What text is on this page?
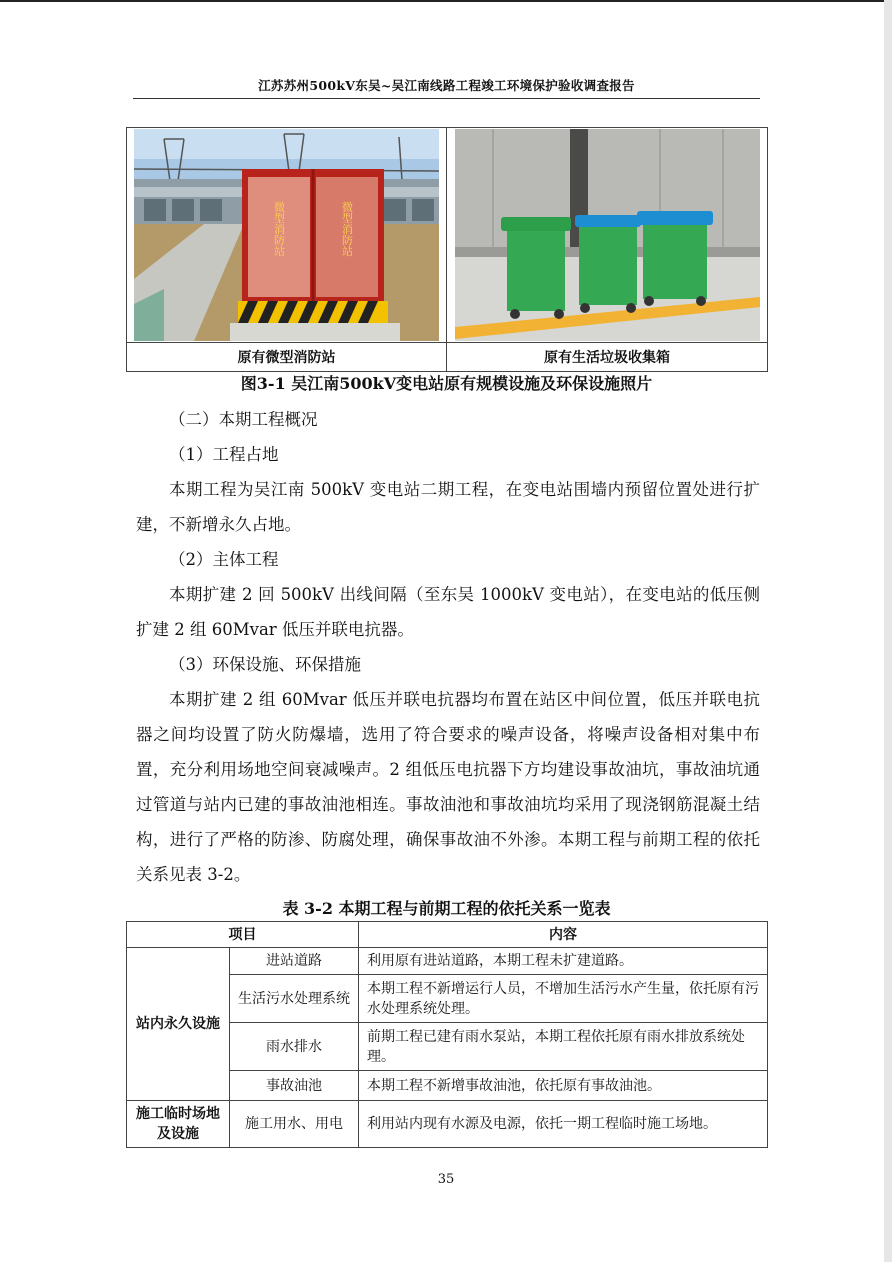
江苏苏州500kV东吴~吴江南线路工程竣工环境保护验收调查报告
微型消防站 微型消防站

原有微型消防站	原有生活垃圾收集箱
图3-1 吴江南500kV变电站原有规模设施及环保设施照片

（二）本期工程概况

（1）工程占地

本期工程为吴江南 500kV 变电站二期工程，在变电站围墙内预留位置处进行扩建，不新增永久占地。

（2）主体工程

本期扩建 2 回 500kV 出线间隔（至东吴 1000kV 变电站），在变电站的低压侧扩建 2 组 60Mvar 低压并联电抗器。

（3）环保设施、环保措施

本期扩建 2 组 60Mvar 低压并联电抗器均布置在站区中间位置，低压并联电抗器之间均设置了防火防爆墙，选用了符合要求的噪声设备，将噪声设备相对集中布置，充分利用场地空间衰减噪声。2 组低压电抗器下方均建设事故油坑，事故油坑通过管道与站内已建的事故油池相连。事故油池和事故油坑均采用了现浇钢筋混凝土结构，进行了严格的防渗、防腐处理，确保事故油不外渗。本期工程与前期工程的依托关系见表 3-2。

表 3-2 本期工程与前期工程的依托关系一览表
项目		内容
站内永久设施	进站道路	利用原有进站道路，本期工程未扩建道路。
	生活污水处理系统	本期工程不新增运行人员，不增加生活污水产生量，依托原有污水处理系统处理。
	雨水排水	前期工程已建有雨水泵站，本期工程依托原有雨水排放系统处理。
	事故油池	本期工程不新增事故油池，依托原有事故油池。
施工临时场地及设施	施工用水、用电	利用站内现有水源及电源，依托一期工程临时施工场地。
35
